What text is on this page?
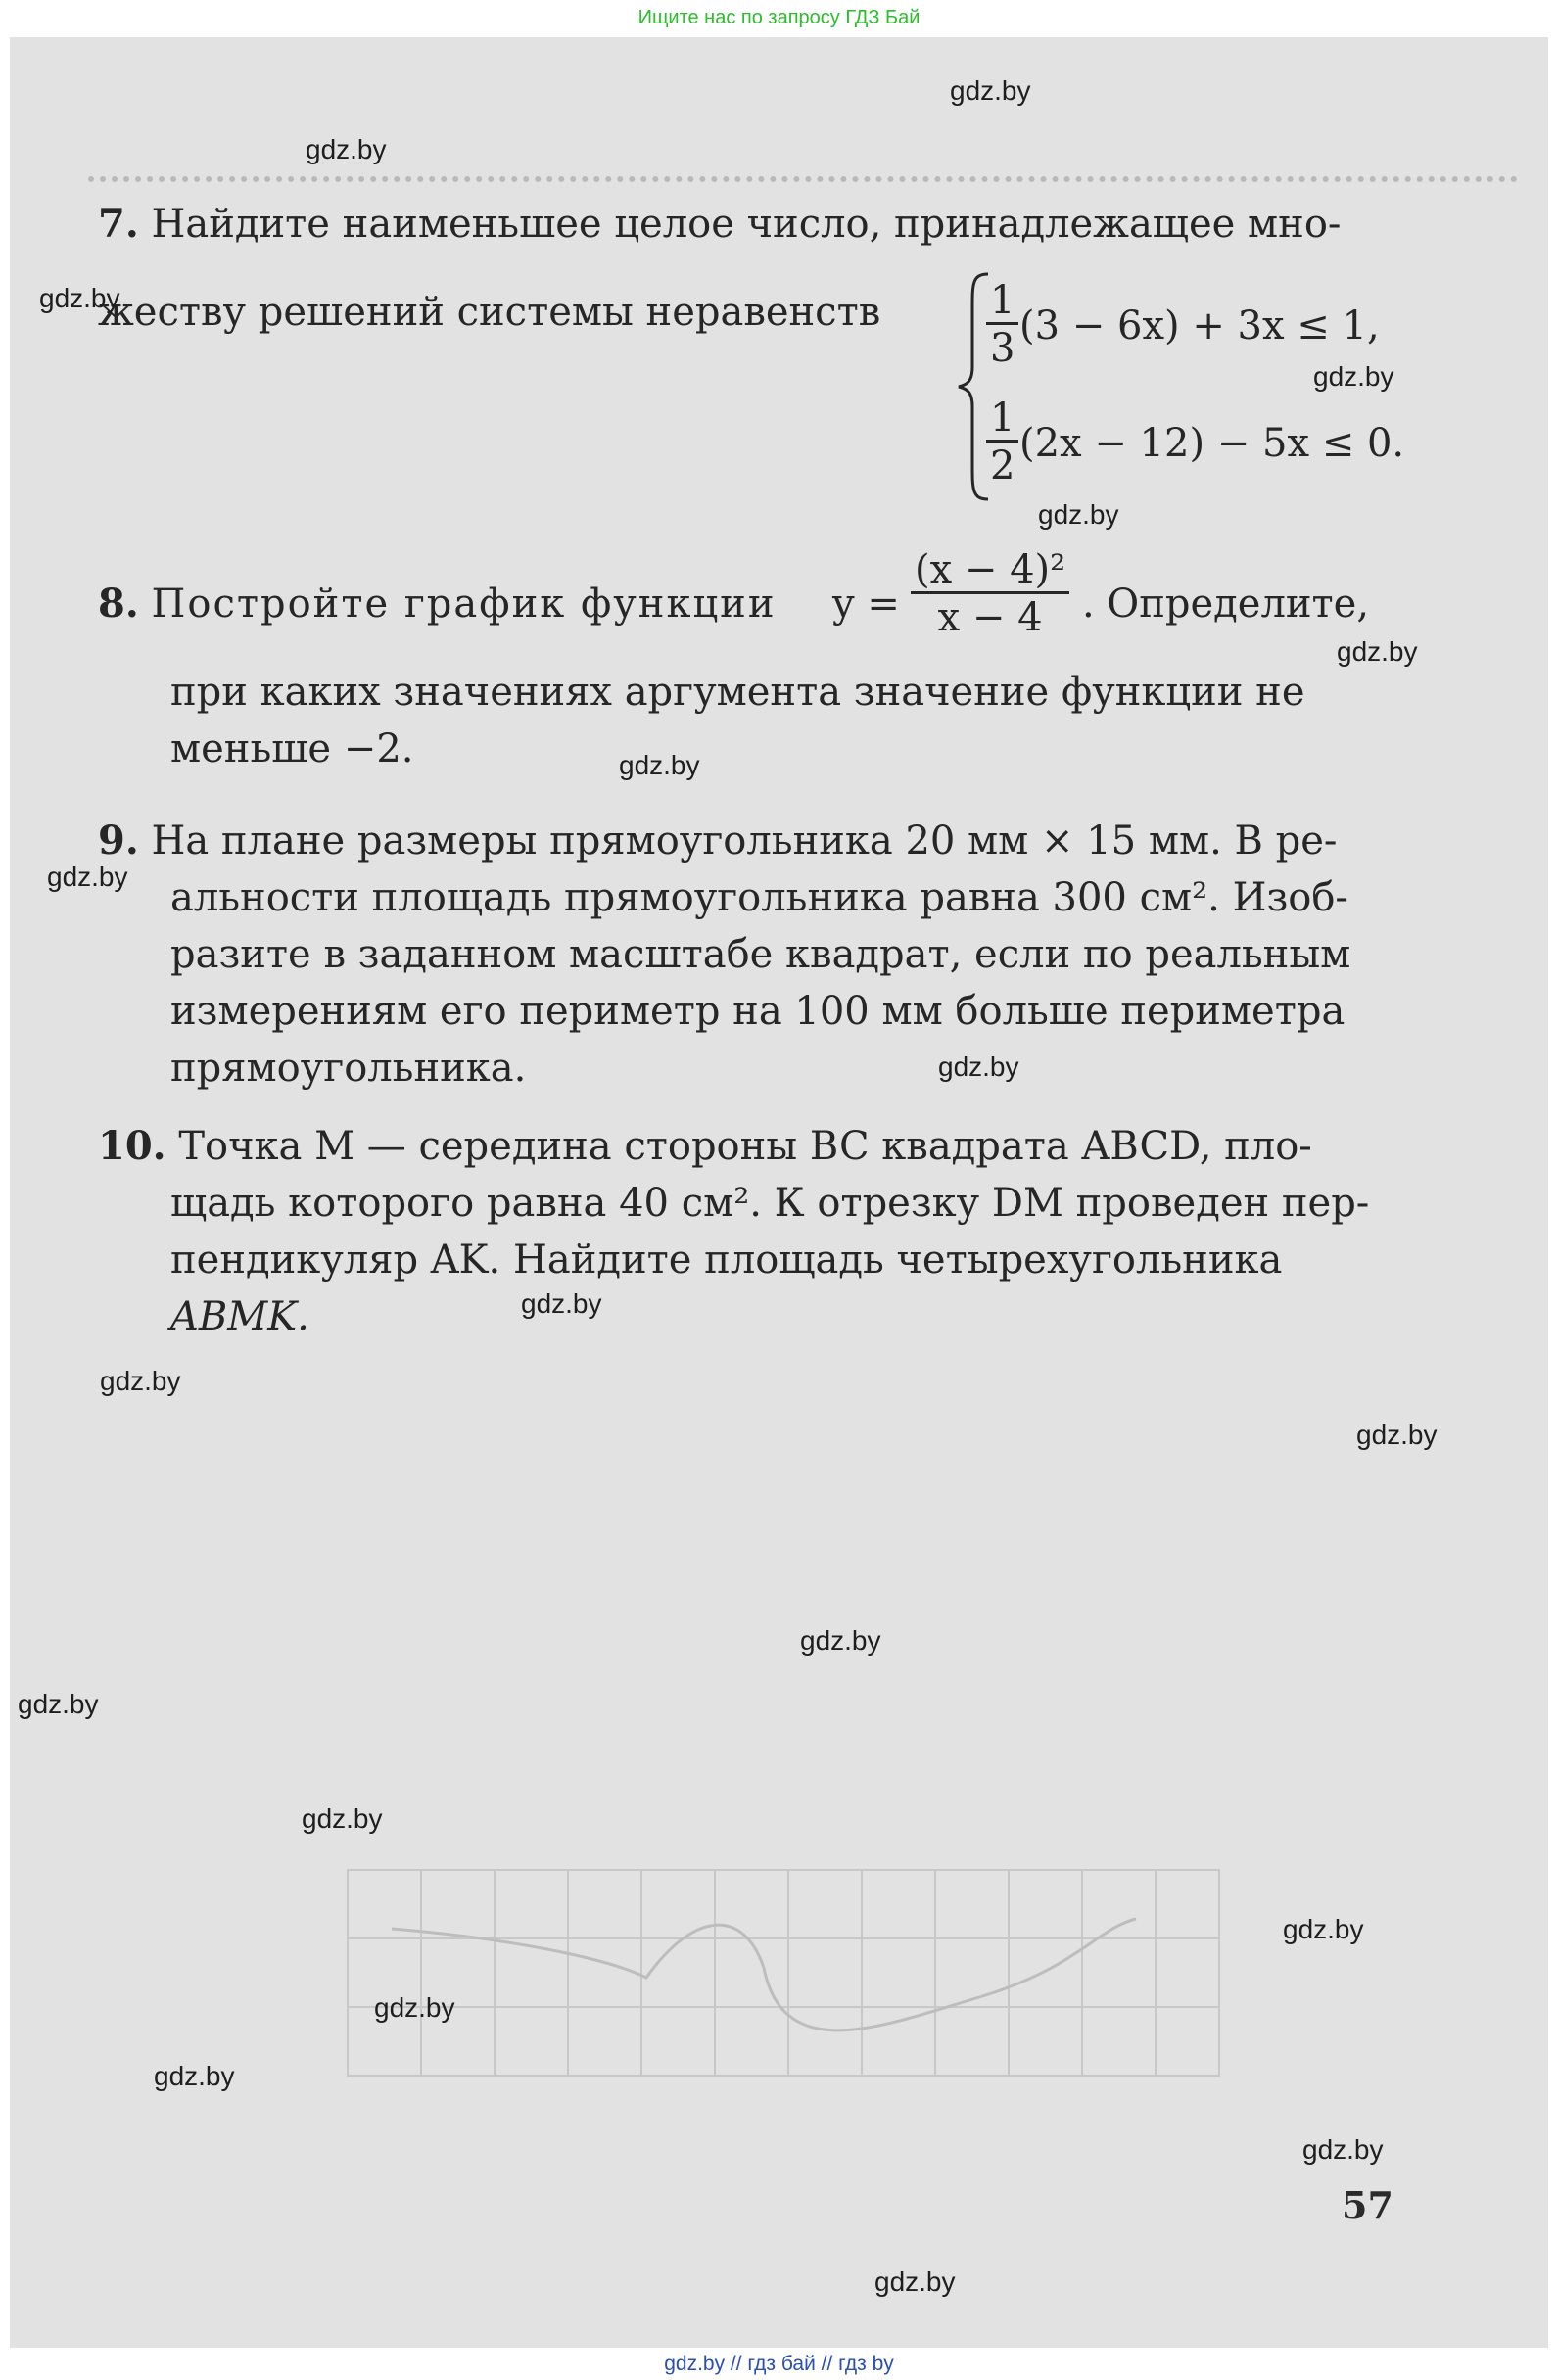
Ищите нас по запросу ГДЗ Бай

7. Найдите наименьшее целое число, принадлежащее мно-

жеству решений системы неравенств	$\frac{1}{3} (3 - 6x) + 3x \le 1$,
$\frac{1}{2} (2x - 12) - 5x \le 0$.

8. Постройте график функции $y = \frac{\text{(x − 4)²}}{x - 4}$ . Определите,

при каких значениях аргумента значение функции не

меньше −2.

9. На плане размеры прямоугольника 20 мм × 15 мм. В ре-

альности площадь прямоугольника равна 300 см². Изоб-

разите в заданном масштабе квадрат, если по реальным

измерениям его периметр на 100 мм больше периметра

прямоугольника.

10. Точка M — середина стороны BC квадрата ABCD, пло-

щадь которого равна 40 см². К отрезку DM проведен пер-

пендикуляр AK. Найдите площадь четырехугольника

ABMK.

57
gdz.by
gdz.by
gdz.by
gdz.by
gdz.by
gdz.by
gdz.by
gdz.by
gdz.by
gdz.by
gdz.by
gdz.by
gdz.by
gdz.by
gdz.by
gdz.by
gdz.by
gdz.by
gdz.by
gdz.by
gdz.by // гдз бай // гдз by
